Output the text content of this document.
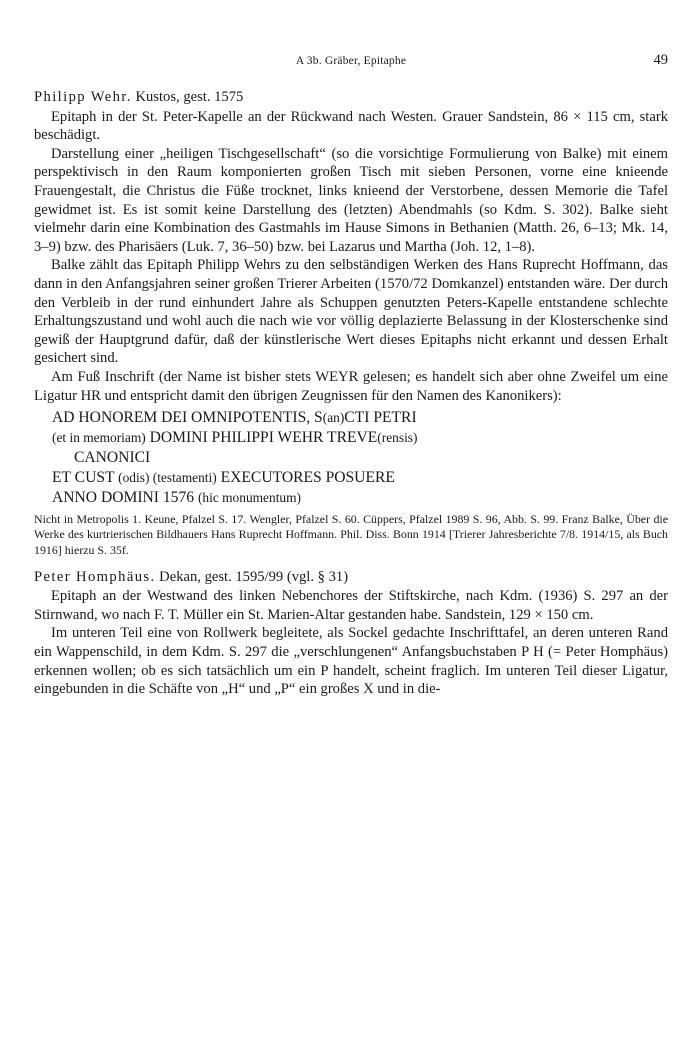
A 3b. Gräber, Epitaphe	49

Philipp Wehr. Kustos, gest. 1575

Epitaph in der St. Peter-Kapelle an der Rückwand nach Westen. Grauer Sandstein, 86 × 115 cm, stark beschädigt.

Darstellung einer „heiligen Tischgesellschaft“ (so die vorsichtige Formulierung von Balke) mit einem perspektivisch in den Raum komponierten großen Tisch mit sieben Personen, vorne eine knieende Frauengestalt, die Christus die Füße trocknet, links knieend der Verstorbene, dessen Memorie die Tafel gewidmet ist. Es ist somit keine Darstellung des (letzten) Abendmahls (so Kdm. S. 302). Balke sieht vielmehr darin eine Kombination des Gastmahls im Hause Simons in Bethanien (Matth. 26, 6–13; Mk. 14, 3–9) bzw. des Pharisäers (Luk. 7, 36–50) bzw. bei Lazarus und Martha (Joh. 12, 1–8).

Balke zählt das Epitaph Philipp Wehrs zu den selbständigen Werken des Hans Ruprecht Hoffmann, das dann in den Anfangsjahren seiner großen Trierer Arbeiten (1570/72 Domkanzel) entstanden wäre. Der durch den Verbleib in der rund einhundert Jahre als Schuppen genutzten Peters-Kapelle entstandene schlechte Erhaltungszustand und wohl auch die nach wie vor völlig deplazierte Belassung in der Klosterschenke sind gewiß der Hauptgrund dafür, daß der künstlerische Wert dieses Epitaphs nicht erkannt und dessen Erhalt gesichert sind.

Am Fuß Inschrift (der Name ist bisher stets WEYR gelesen; es handelt sich aber ohne Zweifel um eine Ligatur HR und entspricht damit den übrigen Zeugnissen für den Namen des Kanonikers):

AD HONOREM DEI OMNIPOTENTIS, S(an)CTI PETRI
(et in memoriam) DOMINI PHILIPPI WEHR TREVE(rensis)
CANONICI
ET CUST (odis) (testamenti) EXECUTORES POSUERE
ANNO DOMINI 1576 (hic monumentum)

Nicht in Metropolis 1. Keune, Pfalzel S. 17. Wengler, Pfalzel S. 60. Cüppers, Pfalzel 1989 S. 96, Abb. S. 99. Franz Balke, Über die Werke des kurtrierischen Bildhauers Hans Ruprecht Hoffmann. Phil. Diss. Bonn 1914 [Trierer Jahresberichte 7/8. 1914/15, als Buch 1916] hierzu S. 35f.

Peter Homphäus. Dekan, gest. 1595/99 (vgl. § 31)

Epitaph an der Westwand des linken Nebenchores der Stiftskirche, nach Kdm. (1936) S. 297 an der Stirnwand, wo nach F. T. Müller ein St. Marien-Altar gestanden habe. Sandstein, 129 × 150 cm.

Im unteren Teil eine von Rollwerk begleitete, als Sockel gedachte Inschrifttafel, an deren unteren Rand ein Wappenschild, in dem Kdm. S. 297 die „verschlungenen“ Anfangsbuchstaben P H (= Peter Homphäus) erkennen wollen; ob es sich tatsächlich um ein P handelt, scheint fraglich. Im unteren Teil dieser Ligatur, eingebunden in die Schäfte von „H“ und „P“ ein großes X und in die-
